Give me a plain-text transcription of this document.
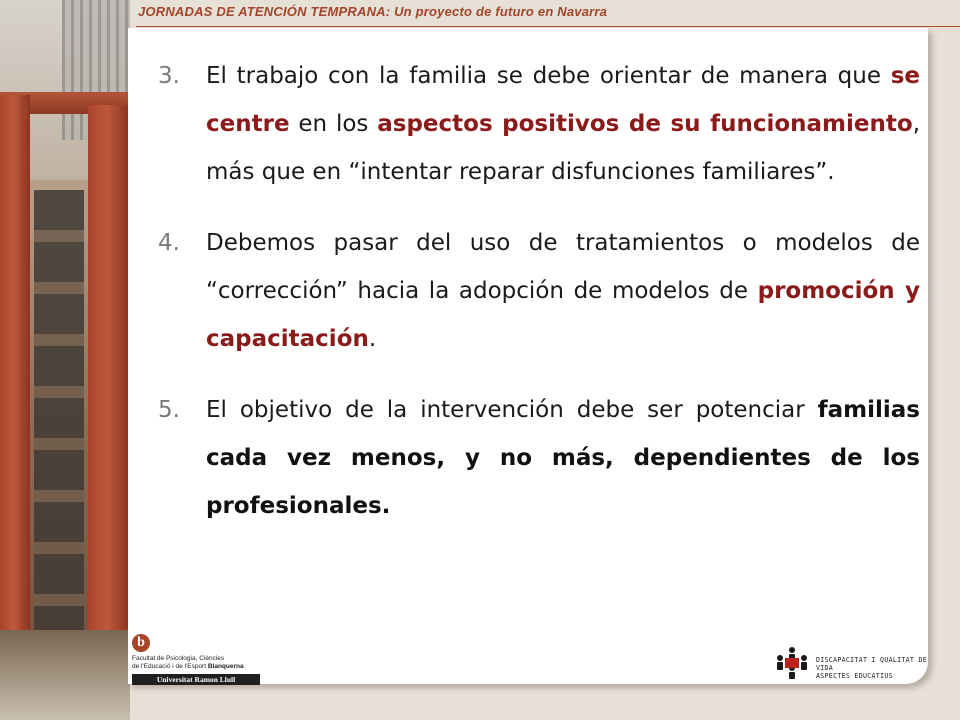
JORNADAS DE ATENCIÓN TEMPRANA: Un proyecto de futuro en Navarra
3. El trabajo con la familia se debe orientar de manera que se centre en los aspectos positivos de su funcionamiento, más que en “intentar reparar disfunciones familiares”.
4. Debemos pasar del uso de tratamientos o modelos de “corrección” hacia la adopción de modelos de promoción y capacitación.
5. El objetivo de la intervención debe ser potenciar familias cada vez menos, y no más, dependientes de los profesionales.
b
Facultat de Psicologia, Ciències
de l'Educació i de l'Esport Blanquerna
Universitat Ramon Llull
DISCAPACITAT I QUALITAT DE VIDA
ASPECTES EDUCATIUS
